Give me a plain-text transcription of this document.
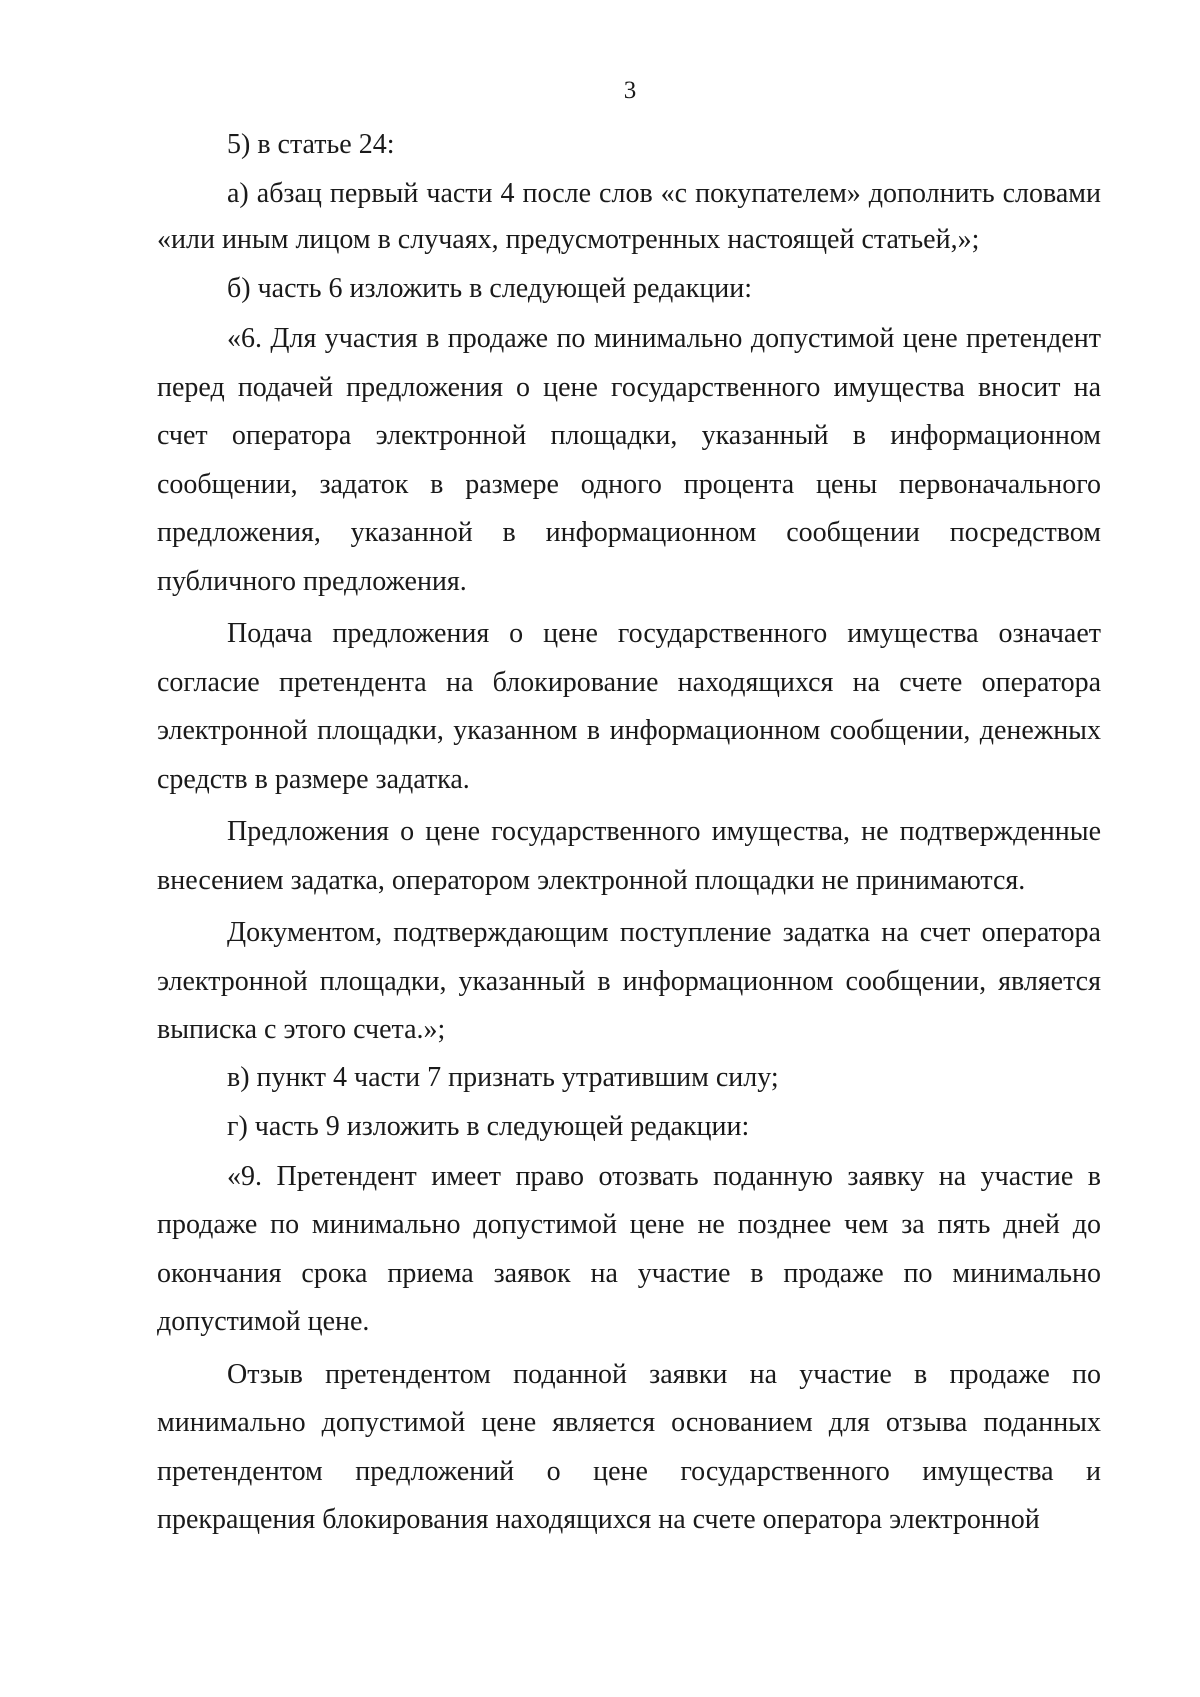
3

5) в статье 24:

а) абзац первый части 4 после слов «с покупателем» дополнить словами «или иным лицом в случаях, предусмотренных настоящей статьей,»;

б) часть 6 изложить в следующей редакции:

«6. Для участия в продаже по минимально допустимой цене претендент перед подачей предложения о цене государственного имущества вносит на счет оператора электронной площадки, указанный в информационном сообщении, задаток в размере одного процента цены первоначального предложения, указанной в информационном сообщении посредством публичного предложения.

Подача предложения о цене государственного имущества означает согласие претендента на блокирование находящихся на счете оператора электронной площадки, указанном в информационном сообщении, денежных средств в размере задатка.

Предложения о цене государственного имущества, не подтвержденные внесением задатка, оператором электронной площадки не принимаются.

Документом, подтверждающим поступление задатка на счет оператора электронной площадки, указанный в информационном сообщении, является выписка с этого счета.»;

в) пункт 4 части 7 признать утратившим силу;

г) часть 9 изложить в следующей редакции:

«9. Претендент имеет право отозвать поданную заявку на участие в продаже по минимально допустимой цене не позднее чем за пять дней до окончания срока приема заявок на участие в продаже по минимально допустимой цене.

Отзыв претендентом поданной заявки на участие в продаже по минимально допустимой цене является основанием для отзыва поданных претендентом предложений о цене государственного имущества и прекращения блокирования находящихся на счете оператора электронной
